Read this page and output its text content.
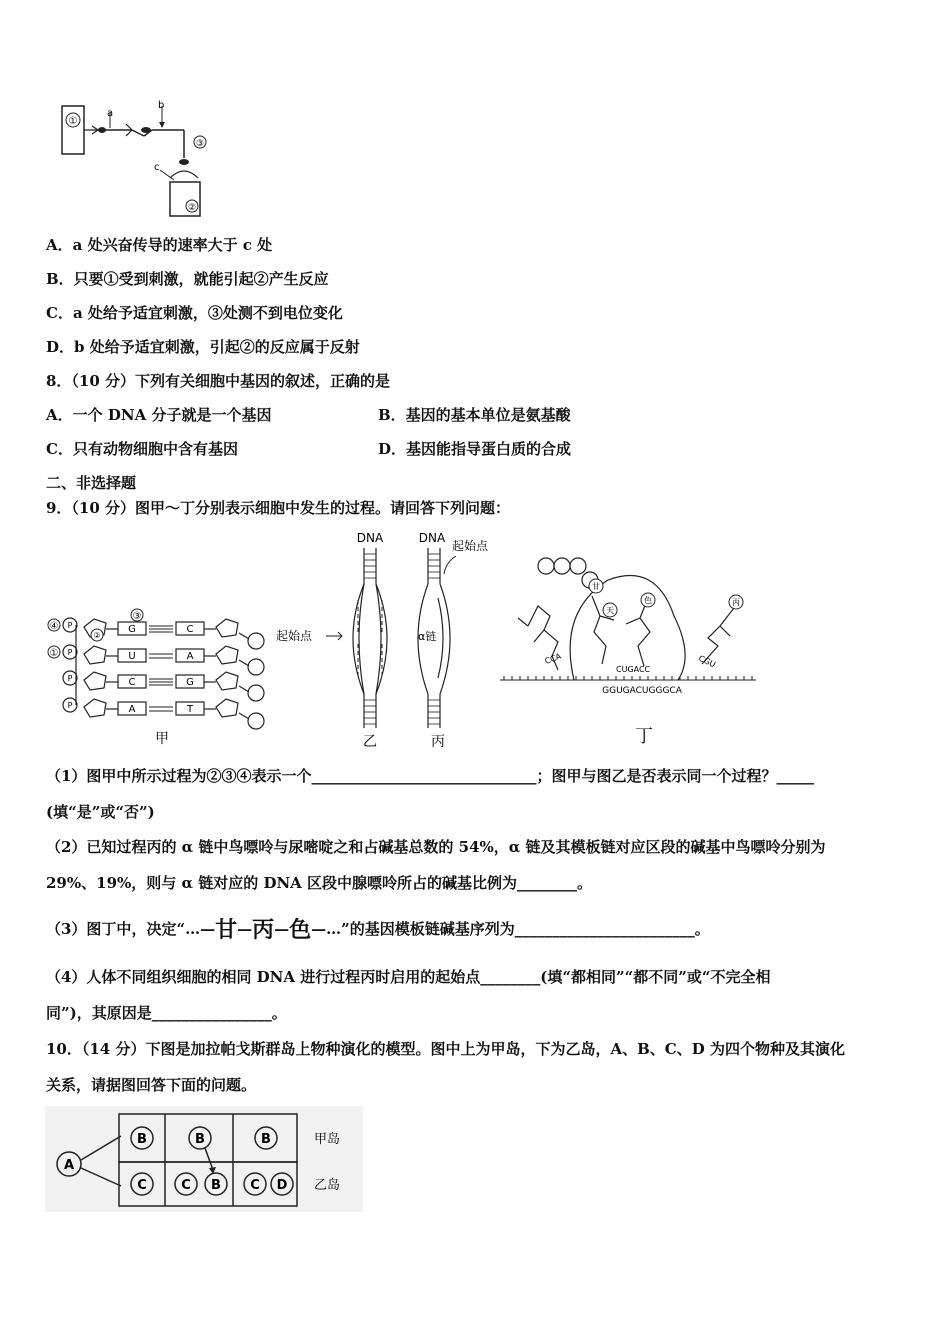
①
a
b
③
②
c
A．a 处兴奋传导的速率大于 c 处
B．只要①受到刺激，就能引起②产生反应
C．a 处给予适宜刺激，③处测不到电位变化
D．b 处给予适宜刺激，引起②的反应属于反射
8．（10 分）下列有关细胞中基因的叙述，正确的是
A．一个 DNA 分子就是一个基因	B．基因的基本单位是氨基酸
C．只有动物细胞中含有基因	D．基因能指导蛋白质的合成
二、非选择题
9．（10 分）图甲～丁分别表示细胞中发生的过程。请回答下列问题：
④
①
③
②
P
P
P
P
G
U
C
A
C
A
G
T
甲
DNA
起始点
乙
DNA
起始点
α链
丙
甘
天
色	丙
CCA
CUGACC
CGU
GGUGACUGGGCA
丁
（1）图甲中所示过程为②③④表示一个______________________________；图甲与图乙是否表示同一个过程？_____
(填“是”或“否”)
（2）已知过程丙的 α 链中鸟嘌呤与尿嘧啶之和占碱基总数的 54%，α 链及其模板链对应区段的碱基中鸟嘌呤分别为
29%、19%，则与 α 链对应的 DNA 区段中腺嘌呤所占的碱基比例为________。
（3）图丁中，决定“…—甘—丙—色—…”的基因模板链碱基序列为________________________。
（4）人体不同组织细胞的相同 DNA 进行过程丙时启用的起始点________(填“都相同”“都不同”或“不完全相
同”)，其原因是________________。
10．（14 分）下图是加拉帕戈斯群岛上物种演化的模型。图中上为甲岛，下为乙岛，A、B、C、D 为四个物种及其演化
关系，请据图回答下面的问题。
A
B	B	B
C	C B C D
甲岛
乙岛
